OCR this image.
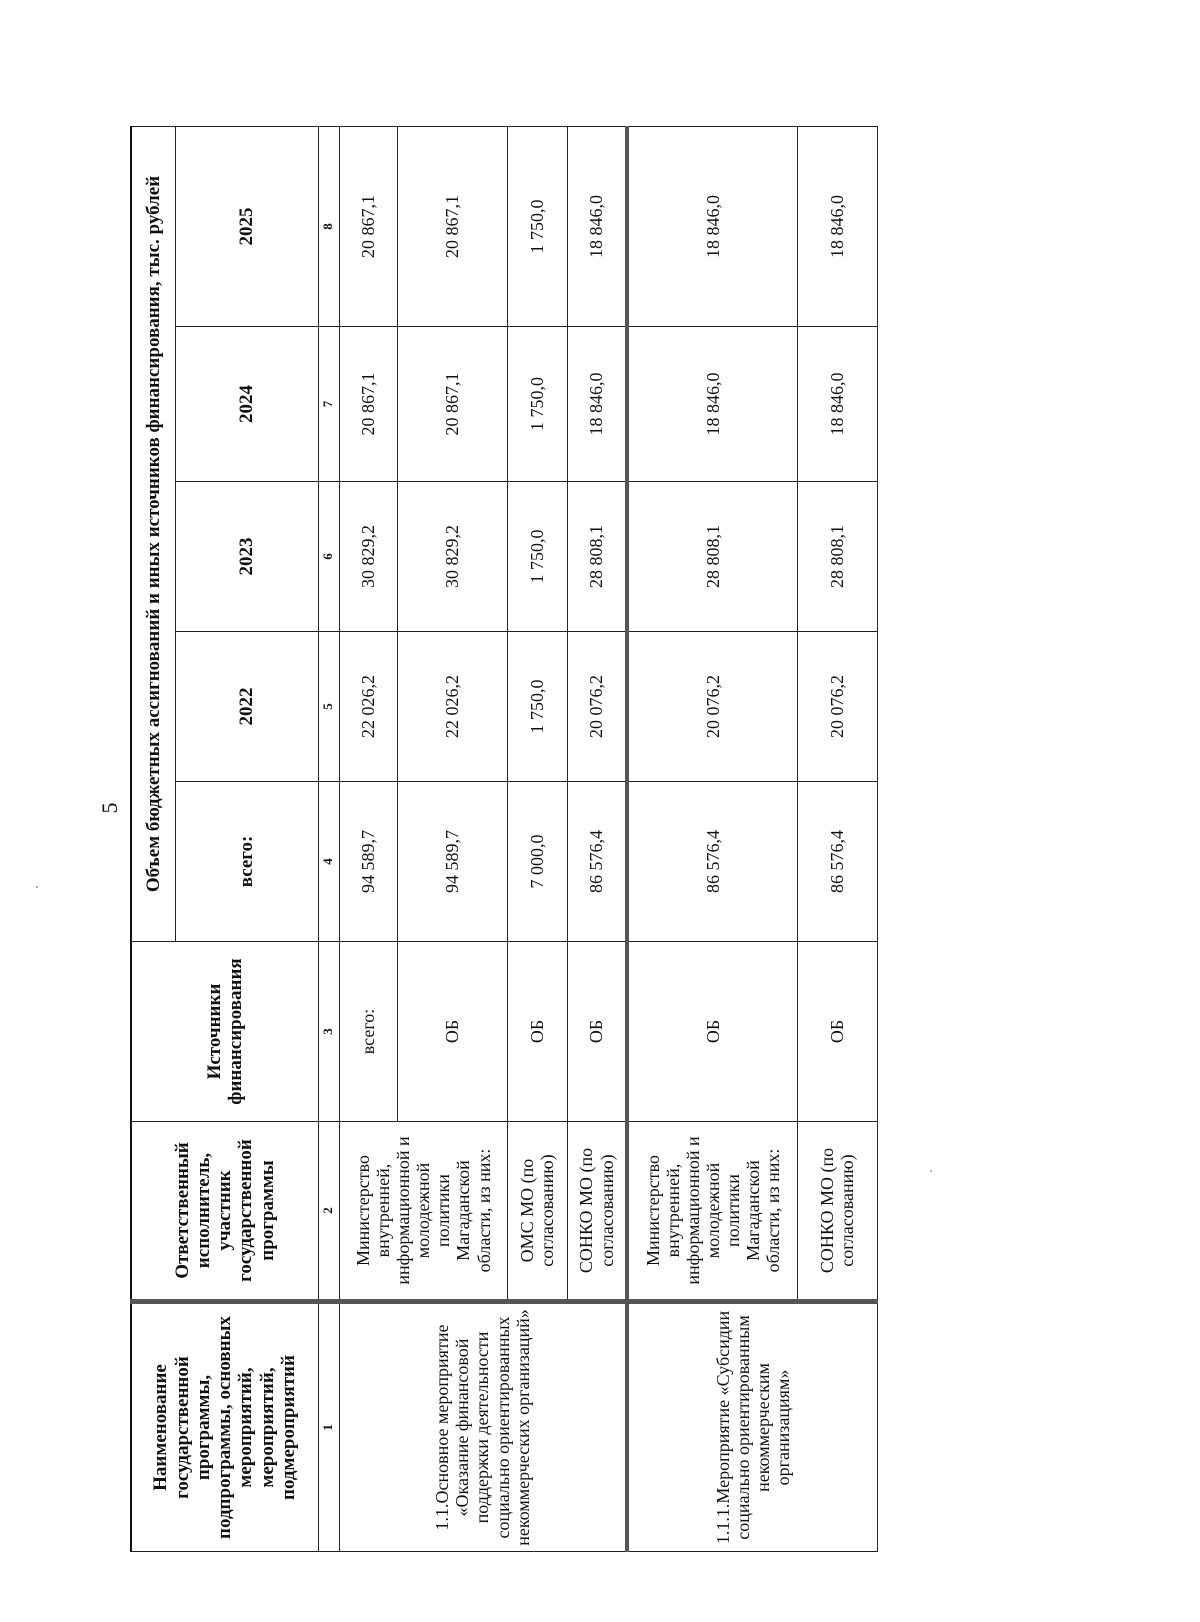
5
Наименование государственной программы, подпрограммы, основных мероприятий, мероприятий, подмероприятий	Ответственный исполнитель, участник государственной программы	Источники финансирования	Объем бюджетных ассигнований и иных источников финансирования, тыс. рублей				
			всего:	2022	2023	2024	2025
1	2	3	4	5	6	7	8
1.1.Основное мероприятие «Оказание финансовой поддержки деятельности социально ориентированных некоммерческих организаций»	Министерство внутренней, информационной и молодежной политики Магаданской области, из них:	всего:	94 589,7	22 026,2	30 829,2	20 867,1	20 867,1
		ОБ	94 589,7	22 026,2	30 829,2	20 867,1	20 867,1
	ОМС МО (по согласованию)	ОБ	7 000,0	1 750,0	1 750,0	1 750,0	1 750,0
	СОНКО МО (по согласованию)	ОБ	86 576,4	20 076,2	28 808,1	18 846,0	18 846,0
1.1.1.Мероприятие «Субсидии социально ориентированным некоммерческим организациям»	Министерство внутренней, информационной и молодежной политики Магаданской области, из них:	ОБ	86 576,4	20 076,2	28 808,1	18 846,0	18 846,0
	СОНКО МО (по согласованию)	ОБ	86 576,4	20 076,2	28 808,1	18 846,0	18 846,0
